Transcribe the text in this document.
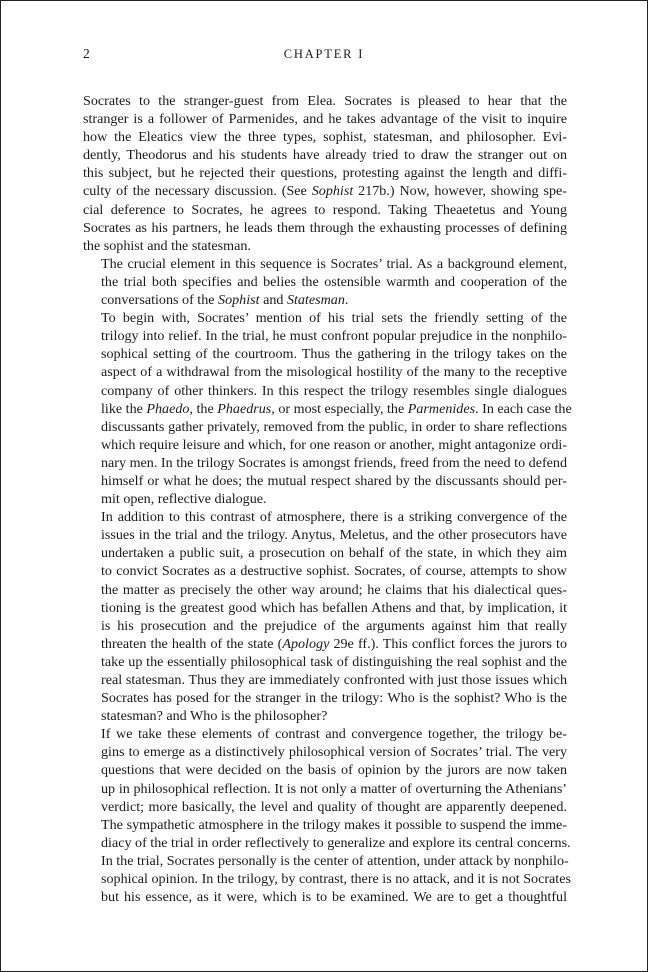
2	CHAPTER I

Socrates to the stranger-guest from Elea. Socrates is pleased to hear that the
stranger is a follower of Parmenides, and he takes advantage of the visit to inquire
how the Eleatics view the three types, sophist, statesman, and philosopher. Evi-
dently, Theodorus and his students have already tried to draw the stranger out on
this subject, but he rejected their questions, protesting against the length and diffi-
culty of the necessary discussion. (See Sophist 217b.) Now, however, showing spe-
cial deference to Socrates, he agrees to respond. Taking Theaetetus and Young
Socrates as his partners, he leads them through the exhausting processes of defining
the sophist and the statesman.

The crucial element in this sequence is Socrates’ trial. As a background element,
the trial both specifies and belies the ostensible warmth and cooperation of the
conversations of the Sophist and Statesman.

To begin with, Socrates’ mention of his trial sets the friendly setting of the
trilogy into relief. In the trial, he must confront popular prejudice in the nonphilo-
sophical setting of the courtroom. Thus the gathering in the trilogy takes on the
aspect of a withdrawal from the misological hostility of the many to the receptive
company of other thinkers. In this respect the trilogy resembles single dialogues
like the Phaedo, the Phaedrus, or most especially, the Parmenides. In each case the
discussants gather privately, removed from the public, in order to share reflections
which require leisure and which, for one reason or another, might antagonize ordi-
nary men. In the trilogy Socrates is amongst friends, freed from the need to defend
himself or what he does; the mutual respect shared by the discussants should per-
mit open, reflective dialogue.

In addition to this contrast of atmosphere, there is a striking convergence of the
issues in the trial and the trilogy. Anytus, Meletus, and the other prosecutors have
undertaken a public suit, a prosecution on behalf of the state, in which they aim
to convict Socrates as a destructive sophist. Socrates, of course, attempts to show
the matter as precisely the other way around; he claims that his dialectical ques-
tioning is the greatest good which has befallen Athens and that, by implication, it
is his prosecution and the prejudice of the arguments against him that really
threaten the health of the state (Apology 29e ff.). This conflict forces the jurors to
take up the essentially philosophical task of distinguishing the real sophist and the
real statesman. Thus they are immediately confronted with just those issues which
Socrates has posed for the stranger in the trilogy: Who is the sophist? Who is the
statesman? and Who is the philosopher?

If we take these elements of contrast and convergence together, the trilogy be-
gins to emerge as a distinctively philosophical version of Socrates’ trial. The very
questions that were decided on the basis of opinion by the jurors are now taken
up in philosophical reflection. It is not only a matter of overturning the Athenians’
verdict; more basically, the level and quality of thought are apparently deepened.
The sympathetic atmosphere in the trilogy makes it possible to suspend the imme-
diacy of the trial in order reflectively to generalize and explore its central concerns.
In the trial, Socrates personally is the center of attention, under attack by nonphilo-
sophical opinion. In the trilogy, by contrast, there is no attack, and it is not Socrates
but his essence, as it were, which is to be examined. We are to get a thoughtful
